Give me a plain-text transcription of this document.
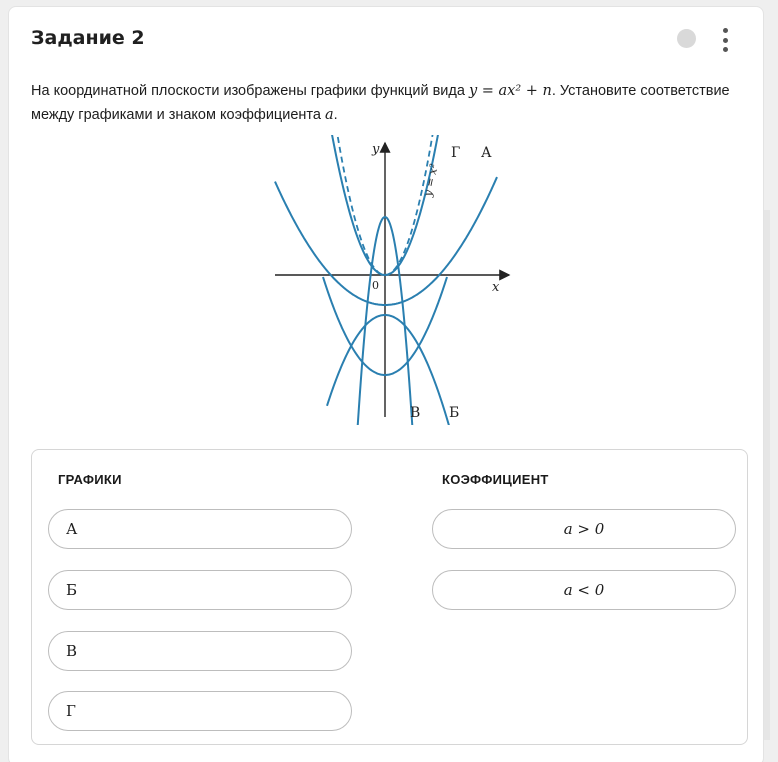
Задание 2
На координатной плоскости изображены графики функций вида y = ax² + n. Установите соответствие между графиками и знаком коэффициента a.
y
x
0
y = x²
Г А
В Б
ГРАФИКИ	КОЭФФИЦИЕНТ
А
Б
В
Г
a > 0
a < 0
